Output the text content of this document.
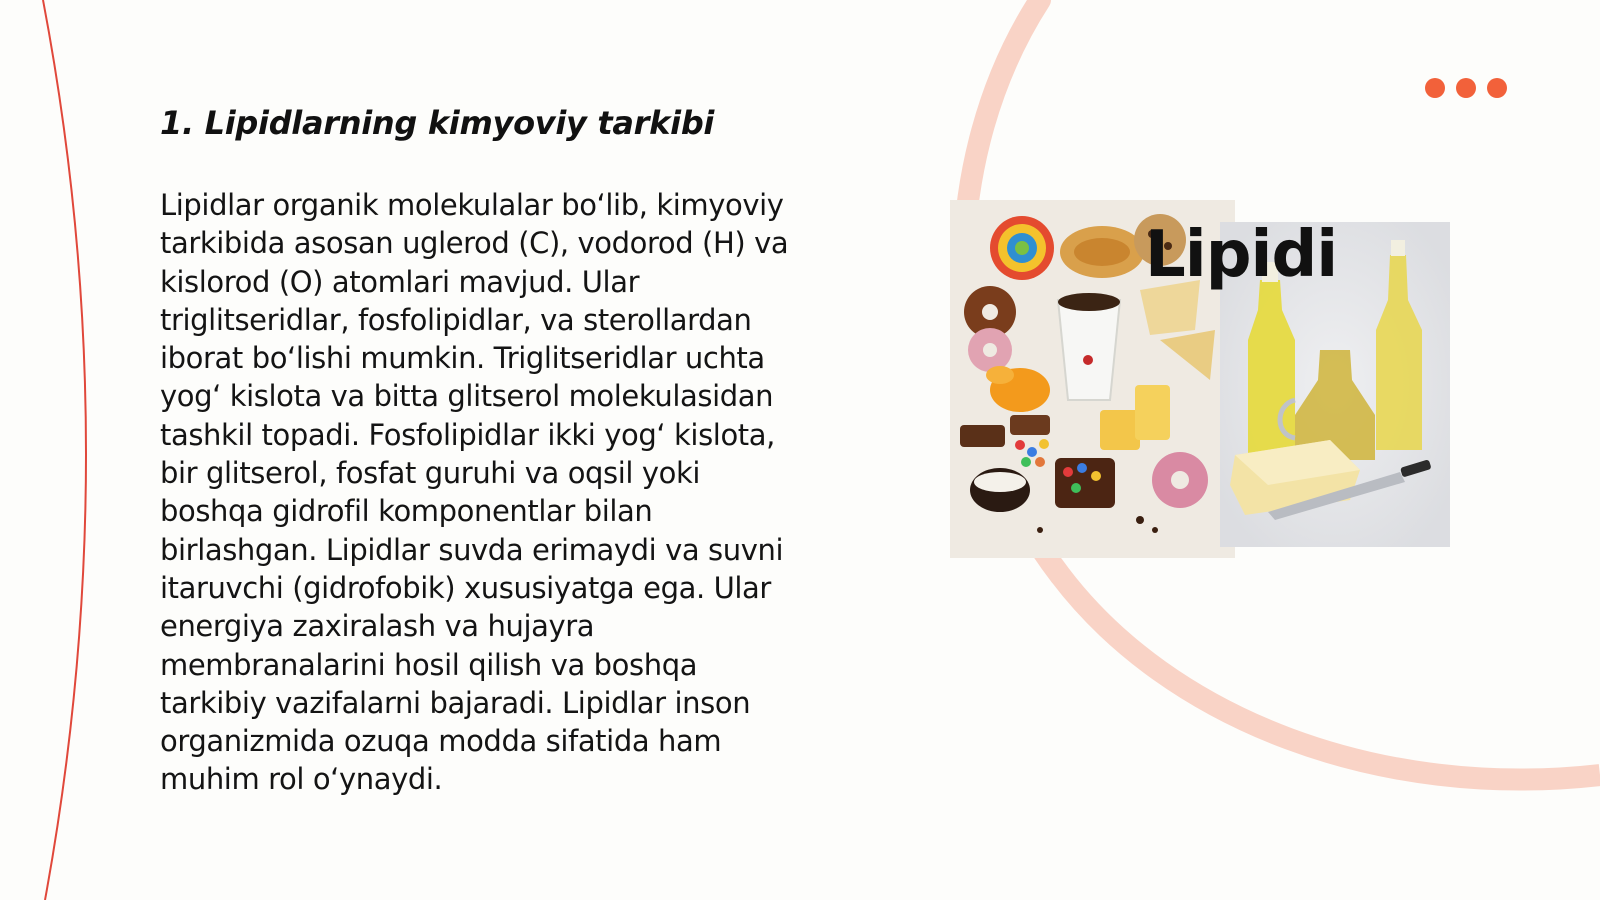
1. Lipidlarning kimyoviy tarkibi

Lipidlar organik molekulalar bo‘lib, kimyoviy
tarkibida asosan uglerod (C), vodorod (H) va
kislorod (O) atomlari mavjud. Ular
triglitseridlar, fosfolipidlar, va sterollardan
iborat bo‘lishi mumkin. Triglitseridlar uchta
yog‘ kislota va bitta glitserol molekulasidan
tashkil topadi. Fosfolipidlar ikki yog‘ kislota,
bir glitserol, fosfat guruhi va oqsil yoki
boshqa gidrofil komponentlar bilan
birlashgan. Lipidlar suvda erimaydi va suvni
itaruvchi (gidrofobik) xususiyatga ega. Ular
energiya zaxiralash va hujayra
membranalarini hosil qilish va boshqa
tarkibiy vazifalarni bajaradi. Lipidlar inson
organizmida ozuqa modda sifatida ham
muhim rol o‘ynaydi.

Lipidi
